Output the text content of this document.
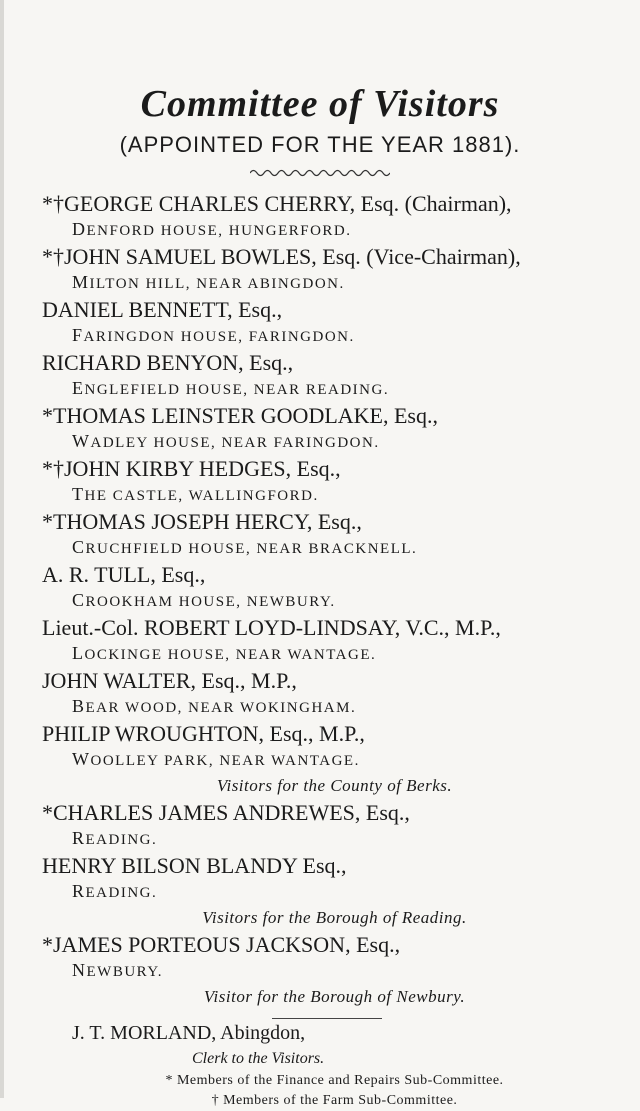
Committee of Visitors
(APPOINTED FOR THE YEAR 1881).
*†GEORGE CHARLES CHERRY, Esq. (Chairman),
DENFORD HOUSE, HUNGERFORD.
*†JOHN SAMUEL BOWLES, Esq. (Vice-Chairman),
MILTON HILL, NEAR ABINGDON.
DANIEL BENNETT, Esq.,
FARINGDON HOUSE, FARINGDON.
RICHARD BENYON, Esq.,
ENGLEFIELD HOUSE, NEAR READING.
*THOMAS LEINSTER GOODLAKE, Esq.,
WADLEY HOUSE, NEAR FARINGDON.
*†JOHN KIRBY HEDGES, Esq.,
THE CASTLE, WALLINGFORD.
*THOMAS JOSEPH HERCY, Esq.,
CRUCHFIELD HOUSE, NEAR BRACKNELL.
A. R. TULL, Esq.,
CROOKHAM HOUSE, NEWBURY.
Lieut.-Col. ROBERT LOYD-LINDSAY, V.C., M.P.,
LOCKINGE HOUSE, NEAR WANTAGE.
JOHN WALTER, Esq., M.P.,
BEAR WOOD, NEAR WOKINGHAM.
PHILIP WROUGHTON, Esq., M.P.,
WOOLLEY PARK, NEAR WANTAGE.
Visitors for the County of Berks.
*CHARLES JAMES ANDREWES, Esq.,
READING.
HENRY BILSON BLANDY Esq.,
READING.
Visitors for the Borough of Reading.
*JAMES PORTEOUS JACKSON, Esq.,
NEWBURY.
Visitor for the Borough of Newbury.
J. T. MORLAND, Abingdon,
Clerk to the Visitors.
* Members of the Finance and Repairs Sub-Committee.
† Members of the Farm Sub-Committee.
